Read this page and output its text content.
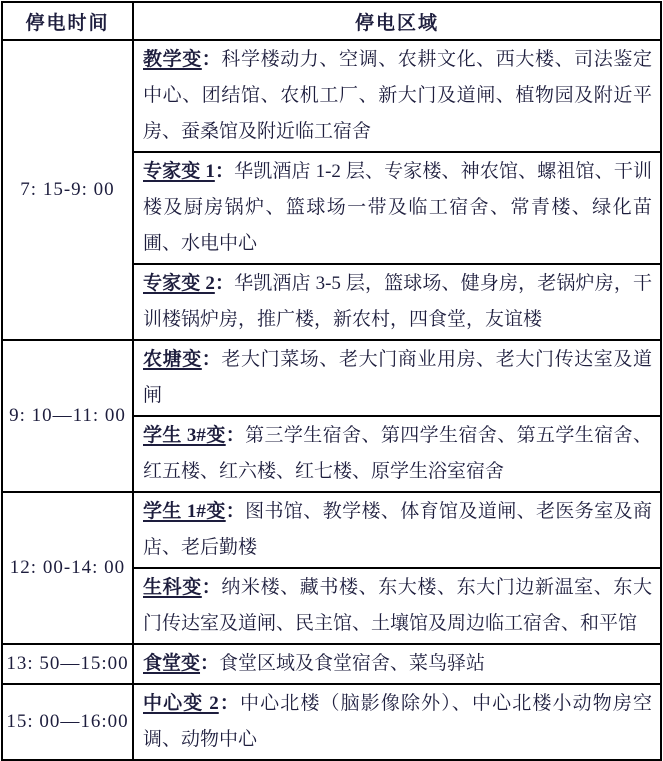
停电时间	停电区域
7: 15-9: 00	教学变：科学楼动力、空调、农耕文化、西大楼、司法鉴定中心、团结馆、农机工厂、新大门及道闸、植物园及附近平房、蚕桑馆及附近临工宿舍
	专家变 1：华凯酒店 1-2 层、专家楼、神农馆、螺祖馆、干训楼及厨房锅炉、篮球场一带及临工宿舍、常青楼、绿化苗圃、水电中心
	专家变 2：华凯酒店 3-5 层，篮球场、健身房，老锅炉房，干训楼锅炉房，推广楼，新农村，四食堂，友谊楼
9: 10—11: 00	农塘变：老大门菜场、老大门商业用房、老大门传达室及道闸
	学生 3#变：第三学生宿舍、第四学生宿舍、第五学生宿舍、红五楼、红六楼、红七楼、原学生浴室宿舍
12: 00-14: 00	学生 1#变：图书馆、教学楼、体育馆及道闸、老医务室及商店、老后勤楼
	生科变：纳米楼、藏书楼、东大楼、东大门边新温室、东大门传达室及道闸、民主馆、土壤馆及周边临工宿舍、和平馆
13: 50—15:00	食堂变：食堂区域及食堂宿舍、菜鸟驿站
15: 00—16:00	中心变 2：中心北楼（脑影像除外）、中心北楼小动物房空调、动物中心
